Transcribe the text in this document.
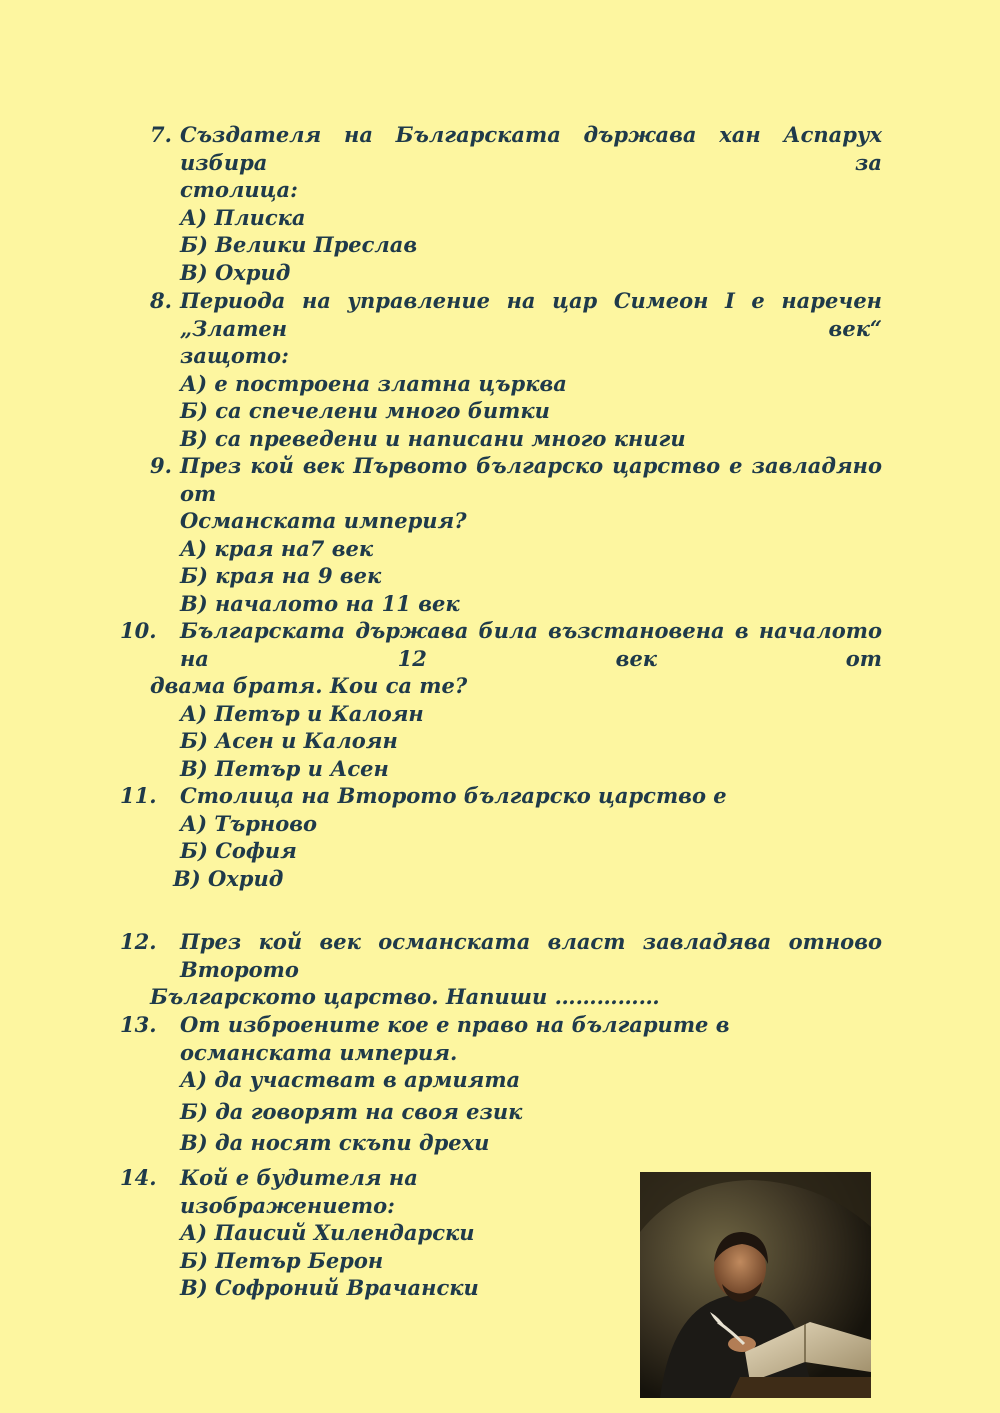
7. Създателя на Българската държава хан Аспарух избира за
столица:
А) Плиска
Б) Велики Преслав
В) Охрид
8. Периода на управление на цар Симеон I е наречен „Златен век“
защото:
А) е построена златна църква
Б) са спечелени много битки
В) са преведени и написани много книги
9. През кой век Първото българско царство е завладяно от
Османската империя?
А) края на7 век
Б) края на 9 век
В) началото на 11 век
10. Българската държава била възстановена в началото на 12 век от
двама братя. Кои са те?
А) Петър и Калоян
Б) Асен и Калоян
В) Петър и Асен
11. Столица на Второто българско царство е
А) Търново
Б) София
В) Охрид
12. През кой век османската власт завладява отново Второто
Българското царство. Напиши ……………
13. От изброените кое е право на българите в османската империя.
А) да участват в армията
Б) да говорят на своя език
В) да носят скъпи дрехи
14. Кой е будителя на изображението:
А) Паисий Хилендарски
Б) Петър Берон
В) Софроний Врачански
